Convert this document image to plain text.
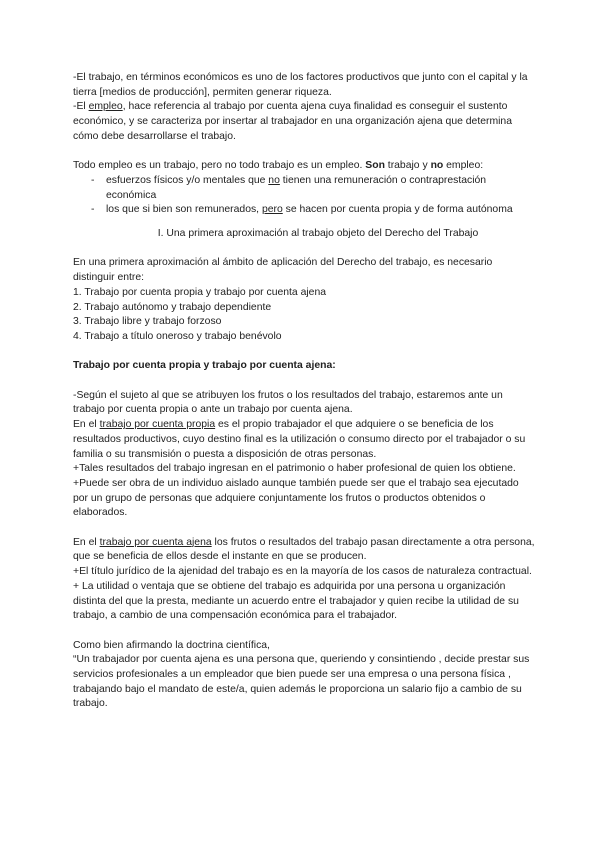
-El trabajo, en términos económicos es uno de los factores productivos que junto con el capital y la tierra [medios de producción], permiten generar riqueza.

-El empleo, hace referencia al trabajo por cuenta ajena cuya finalidad es conseguir el sustento económico, y se caracteriza por insertar al trabajador en una organización ajena que determina cómo debe desarrollarse el trabajo.

Todo empleo es un trabajo, pero no todo trabajo es un empleo. Son trabajo y no empleo:

- esfuerzos físicos y/o mentales que no tienen una remuneración o contraprestación económica
- los que si bien son remunerados, pero se hacen por cuenta propia y de forma autónoma

I. Una primera aproximación al trabajo objeto del Derecho del Trabajo

En una primera aproximación al ámbito de aplicación del Derecho del trabajo, es necesario distinguir entre:

1. Trabajo por cuenta propia y trabajo por cuenta ajena

2. Trabajo autónomo y trabajo dependiente

3. Trabajo libre y trabajo forzoso

4. Trabajo a título oneroso y trabajo benévolo

Trabajo por cuenta propia y trabajo por cuenta ajena:

-Según el sujeto al que se atribuyen los frutos o los resultados del trabajo, estaremos ante un trabajo por cuenta propia o ante un trabajo por cuenta ajena.

En el trabajo por cuenta propia es el propio trabajador el que adquiere o se beneficia de los resultados productivos, cuyo destino final es la utilización o consumo directo por el trabajador o su familia o su transmisión o puesta a disposición de otras personas.

+Tales resultados del trabajo ingresan en el patrimonio o haber profesional de quien los obtiene.

+Puede ser obra de un individuo aislado aunque también puede ser que el trabajo sea ejecutado por un grupo de personas que adquiere conjuntamente los frutos o productos obtenidos o elaborados.

En el trabajo por cuenta ajena los frutos o resultados del trabajo pasan directamente a otra persona, que se beneficia de ellos desde el instante en que se producen.

+El título jurídico de la ajenidad del trabajo es en la mayoría de los casos de naturaleza contractual.

+ La utilidad o ventaja que se obtiene del trabajo es adquirida por una persona u organización distinta del que la presta, mediante un acuerdo entre el trabajador y quien recibe la utilidad de su trabajo, a cambio de una compensación económica para el trabajador.

Como bien afirmando la doctrina científica,

“Un trabajador por cuenta ajena es una persona que, queriendo y consintiendo , decide prestar sus servicios profesionales a un empleador que bien puede ser una empresa o una persona física , trabajando bajo el mandato de este/a, quien además le proporciona un salario fijo a cambio de su trabajo.
